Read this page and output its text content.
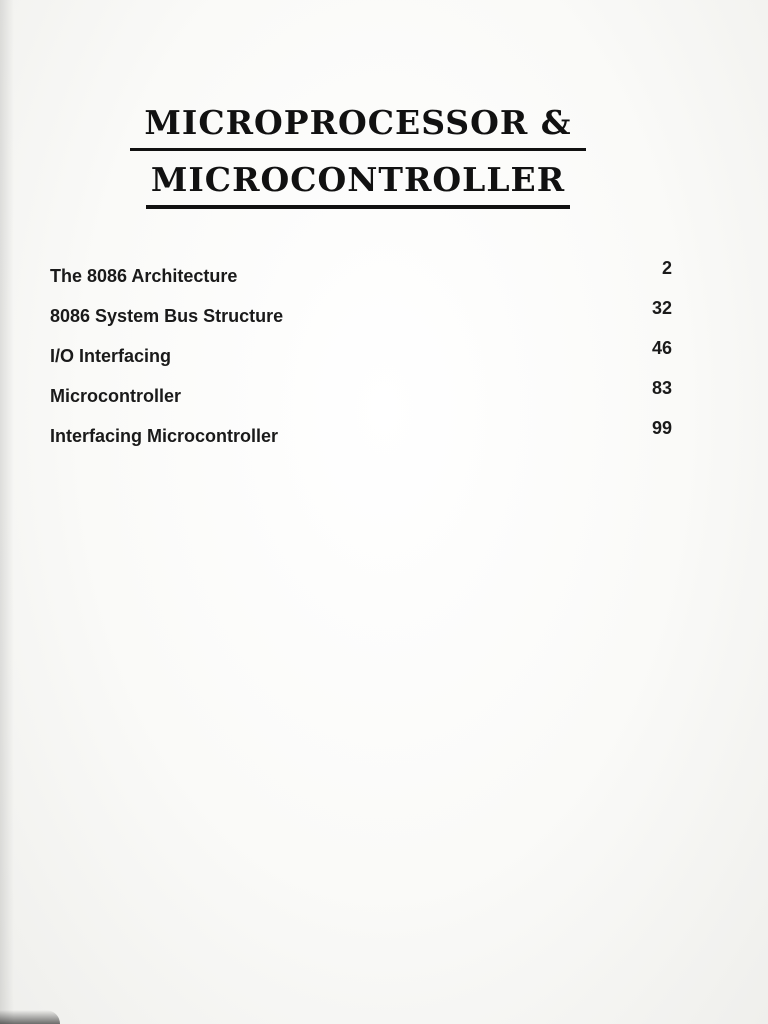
MICROPROCESSOR &
MICROCONTROLLER
The 8086 Architecture	2
8086 System Bus Structure	32
I/O Interfacing	46
Microcontroller	83
Interfacing Microcontroller	99
